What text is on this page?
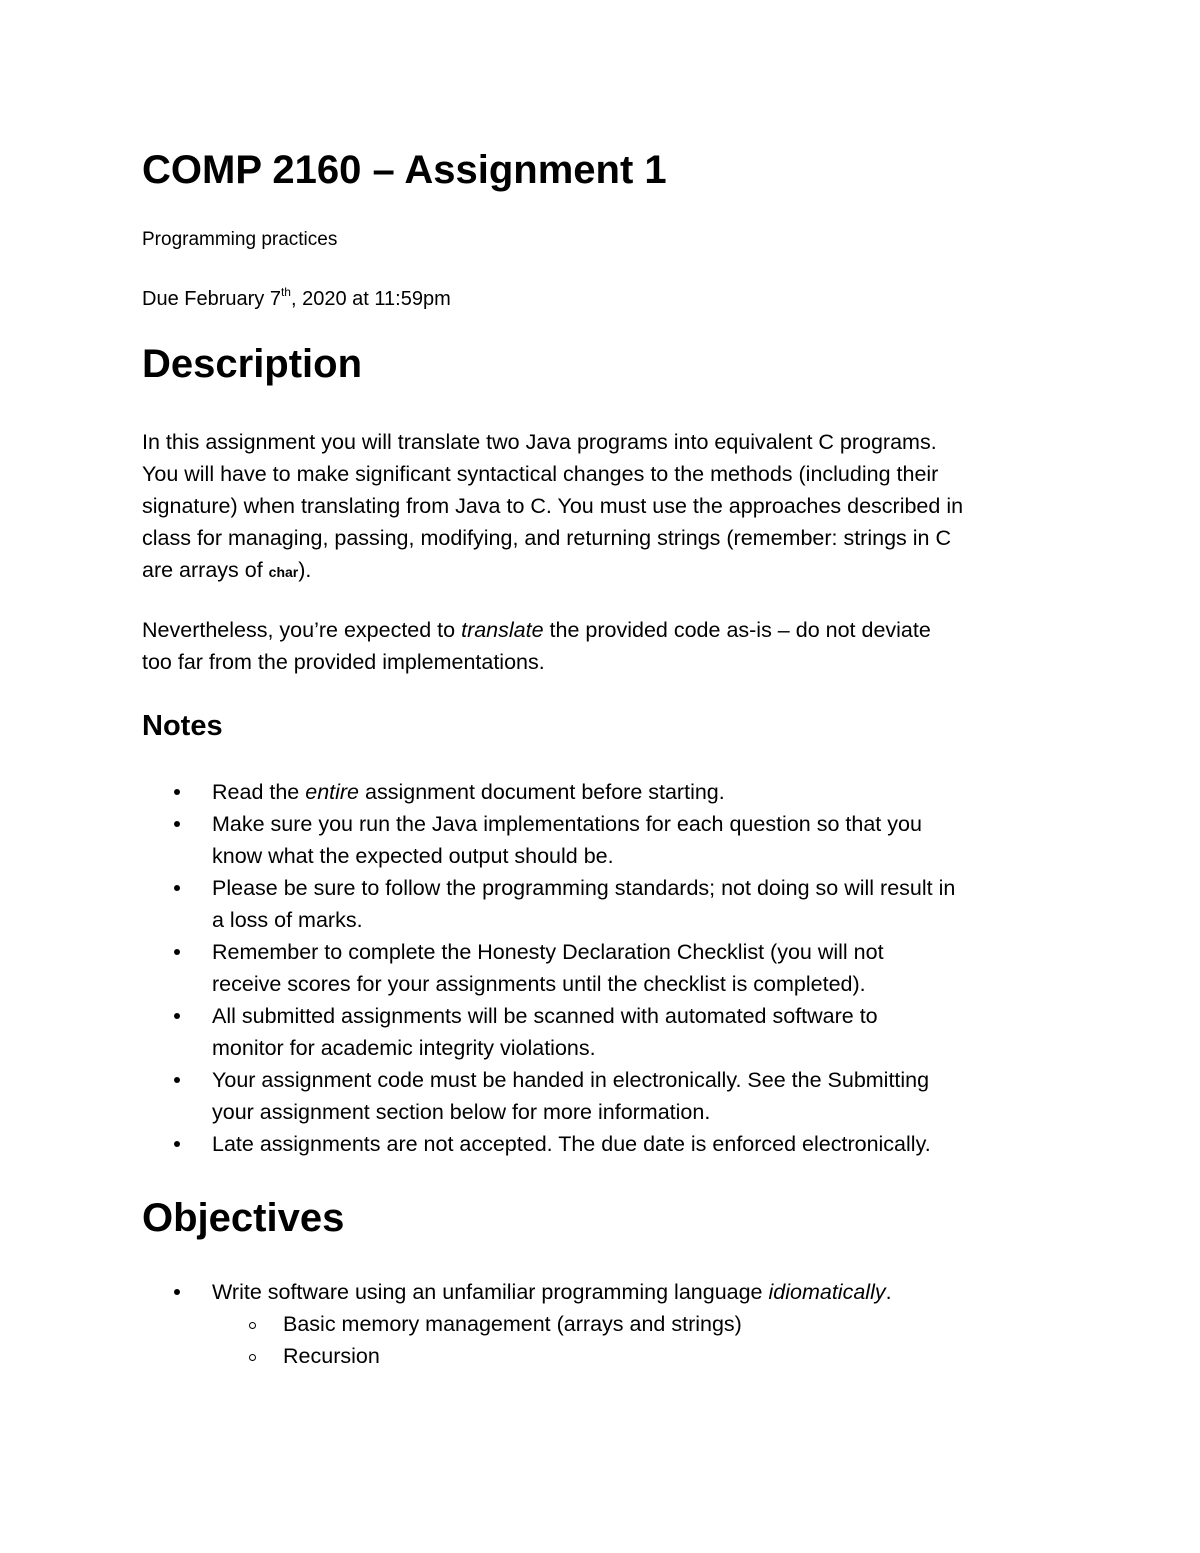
COMP 2160 – Assignment 1

Programming practices

Due February 7th, 2020 at 11:59pm

Description
In this assignment you will translate two Java programs into equivalent C programs.
You will have to make significant syntactical changes to the methods (including their
signature) when translating from Java to C. You must use the approaches described in
class for managing, passing, modifying, and returning strings (remember: strings in C
are arrays of char).
Nevertheless, you’re expected to translate the provided code as-is – do not deviate
too far from the provided implementations.
Notes
Read the entire assignment document before starting.
Make sure you run the Java implementations for each question so that you
know what the expected output should be.
Please be sure to follow the programming standards; not doing so will result in
a loss of marks.
Remember to complete the Honesty Declaration Checklist (you will not
receive scores for your assignments until the checklist is completed).
All submitted assignments will be scanned with automated software to
monitor for academic integrity violations.
Your assignment code must be handed in electronically. See the Submitting
your assignment section below for more information.
Late assignments are not accepted. The due date is enforced electronically.
Objectives
Write software using an unfamiliar programming language idiomatically.
Basic memory management (arrays and strings)
Recursion
